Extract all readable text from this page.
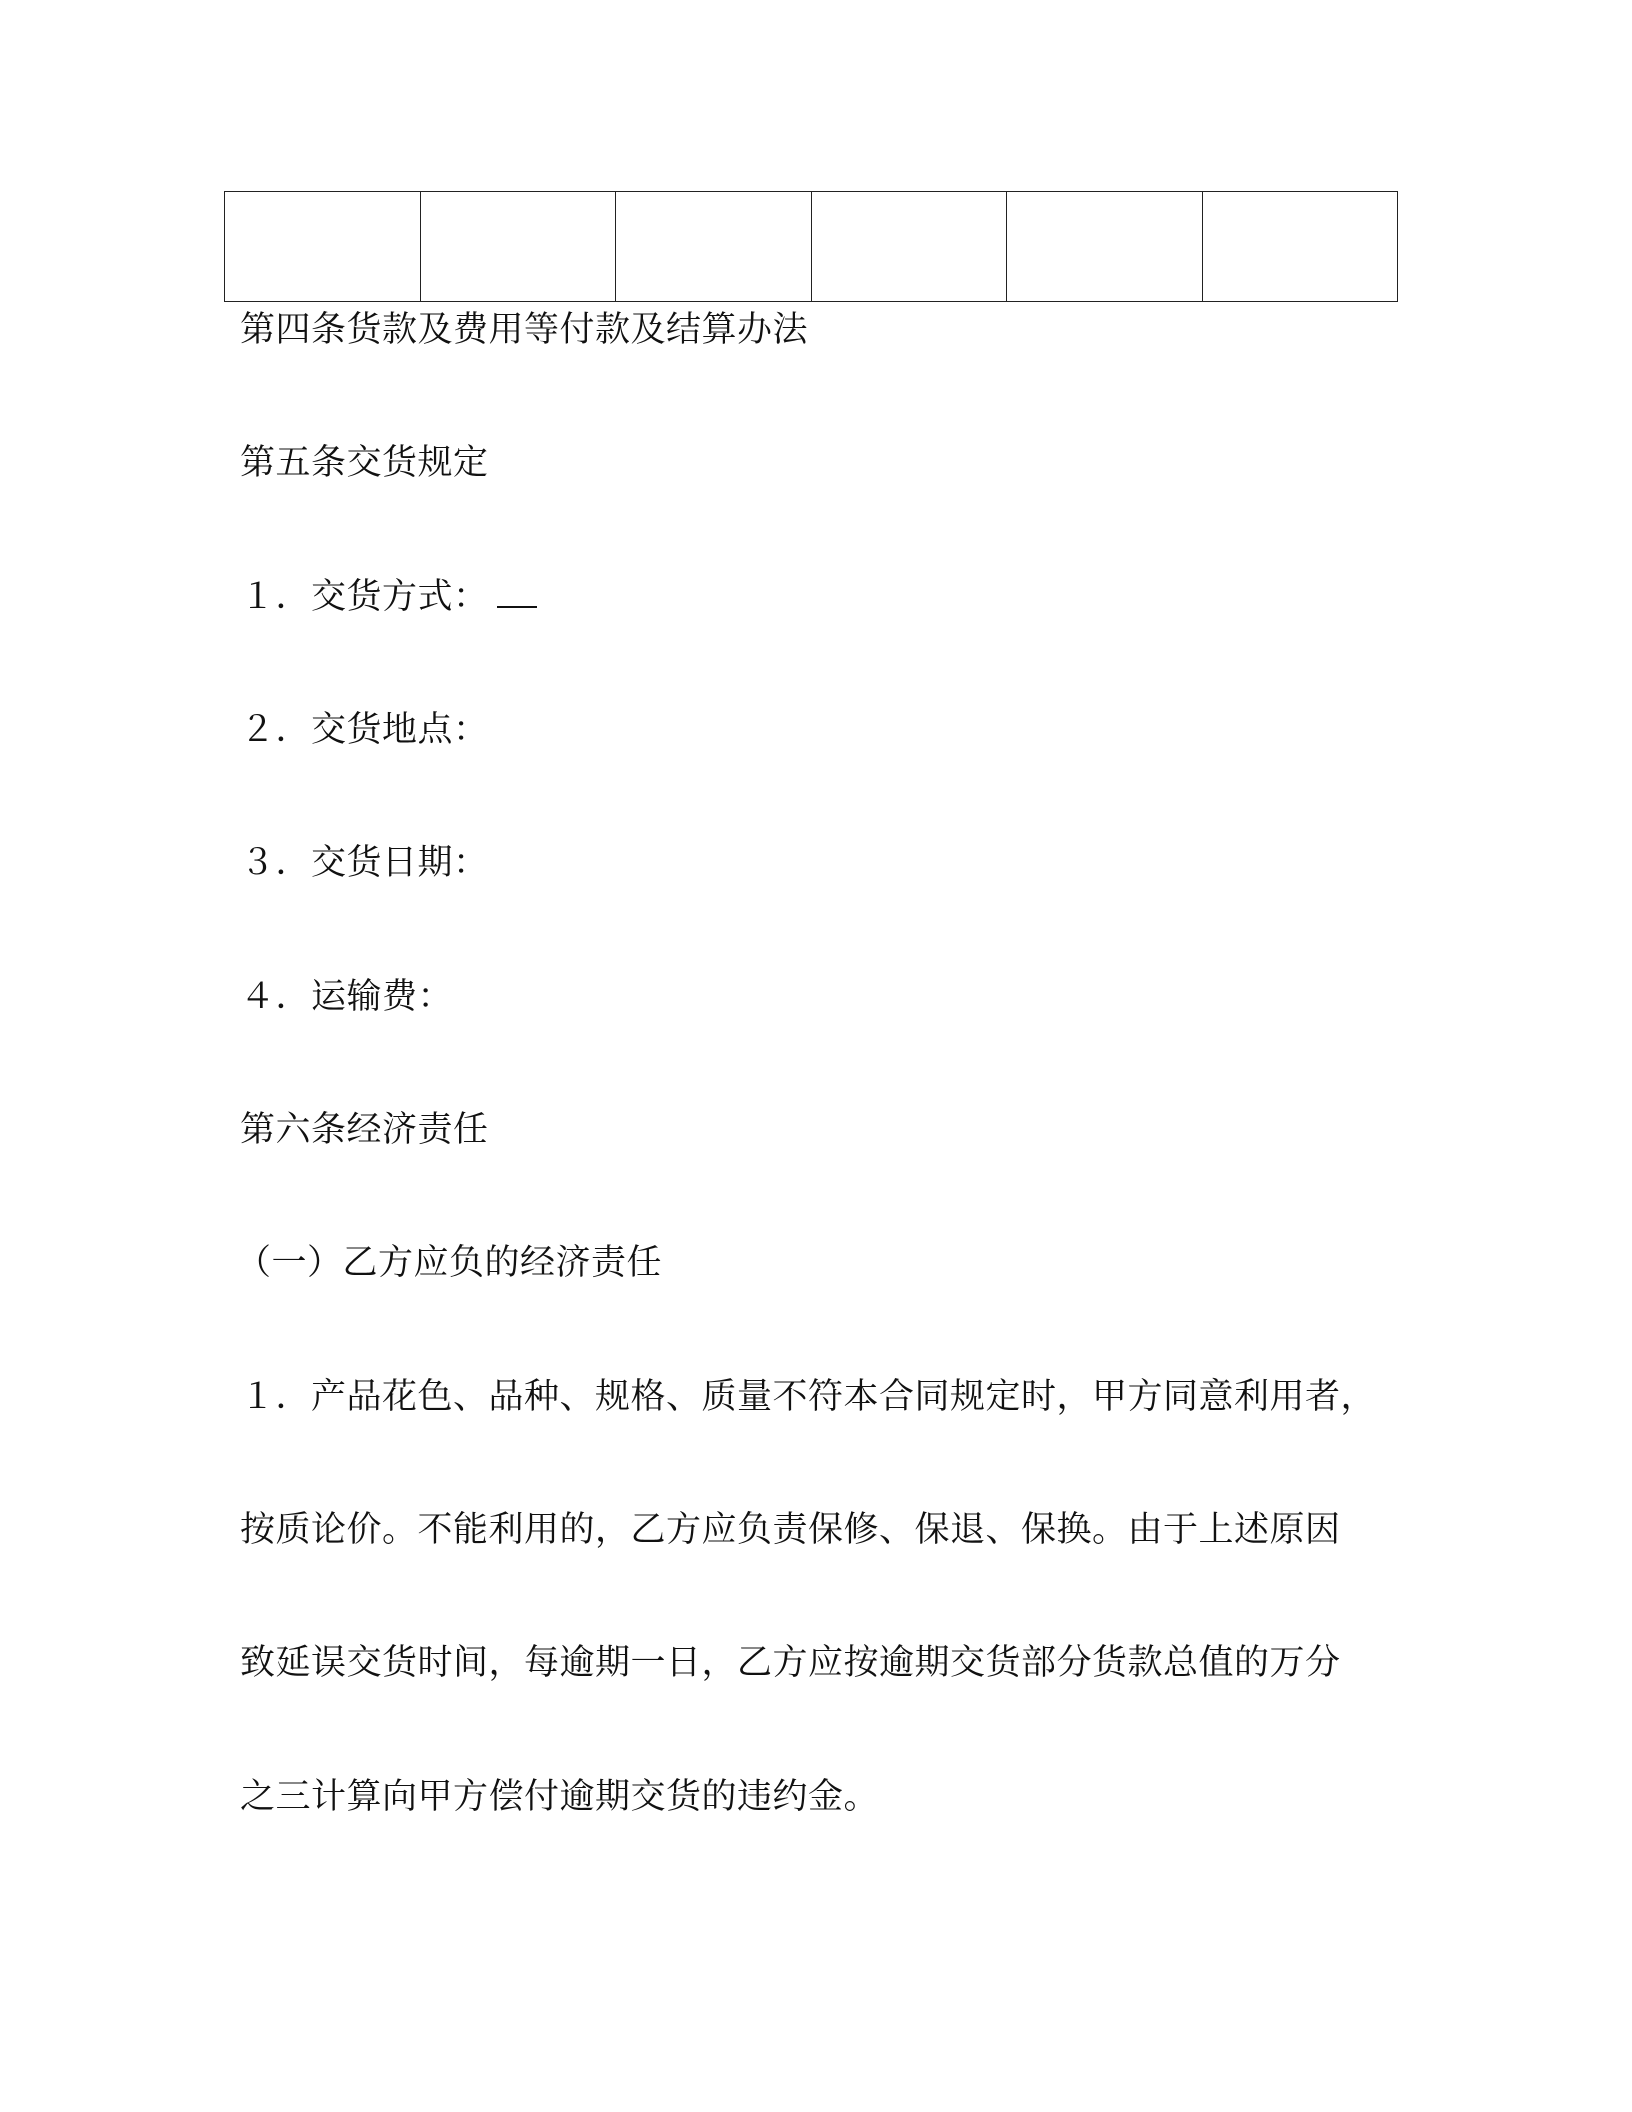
第四条货款及费用等付款及结算办法
第五条交货规定
１．交货方式：
２．交货地点：
３．交货日期：
４．运输费：
第六条经济责任
（一）乙方应负的经济责任
１．产品花色、品种、规格、质量不符本合同规定时，甲方同意利用者，
按质论价。不能利用的，乙方应负责保修、保退、保换。由于上述原因
致延误交货时间，每逾期一日，乙方应按逾期交货部分货款总值的万分
之三计算向甲方偿付逾期交货的违约金。
